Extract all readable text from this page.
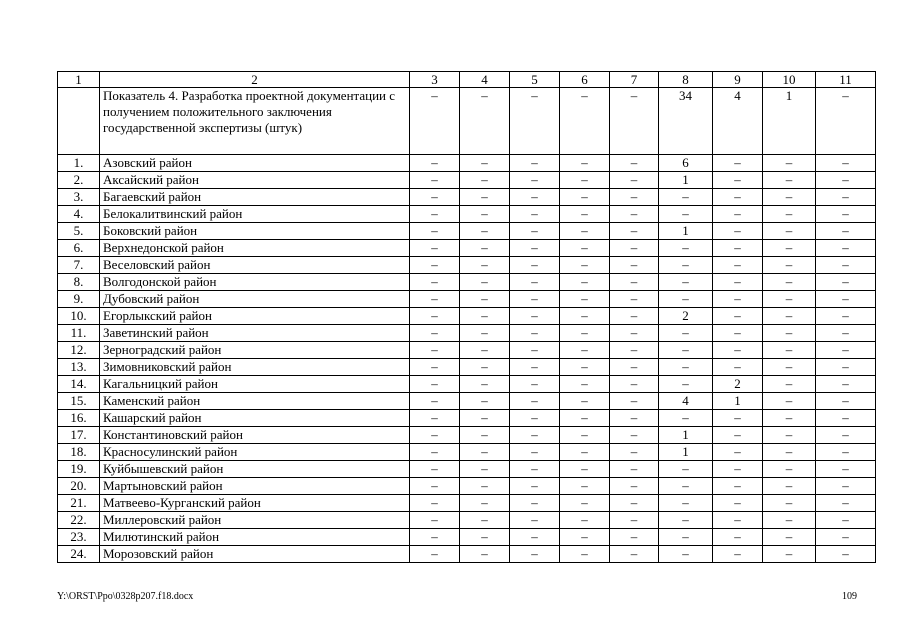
1	2	3	4	5	6	7	8	9	10	11
	Показатель 4. Разработка проектной документации с получением положительного заключения государственной экспертизы (штук)	–	–	–	–	–	34	4	1	–
1.	Азовский район	–	–	–	–	–	6	–	–	–
2.	Аксайский район	–	–	–	–	–	1	–	–	–
3.	Багаевский район	–	–	–	–	–	–	–	–	–
4.	Белокалитвинский район	–	–	–	–	–	–	–	–	–
5.	Боковский район	–	–	–	–	–	1	–	–	–
6.	Верхнедонской район	–	–	–	–	–	–	–	–	–
7.	Веселовский район	–	–	–	–	–	–	–	–	–
8.	Волгодонской район	–	–	–	–	–	–	–	–	–
9.	Дубовский район	–	–	–	–	–	–	–	–	–
10.	Егорлыкский район	–	–	–	–	–	2	–	–	–
11.	Заветинский район	–	–	–	–	–	–	–	–	–
12.	Зерноградский район	–	–	–	–	–	–	–	–	–
13.	Зимовниковский район	–	–	–	–	–	–	–	–	–
14.	Кагальницкий район	–	–	–	–	–	–	2	–	–
15.	Каменский район	–	–	–	–	–	4	1	–	–
16.	Кашарский район	–	–	–	–	–	–	–	–	–
17.	Константиновский район	–	–	–	–	–	1	–	–	–
18.	Красносулинский район	–	–	–	–	–	1	–	–	–
19.	Куйбышевский район	–	–	–	–	–	–	–	–	–
20.	Мартыновский район	–	–	–	–	–	–	–	–	–
21.	Матвеево-Курганский район	–	–	–	–	–	–	–	–	–
22.	Миллеровский район	–	–	–	–	–	–	–	–	–
23.	Милютинский район	–	–	–	–	–	–	–	–	–
24.	Морозовский район	–	–	–	–	–	–	–	–	–
Y:\ORST\Ppo\0328p207.f18.docx	109
